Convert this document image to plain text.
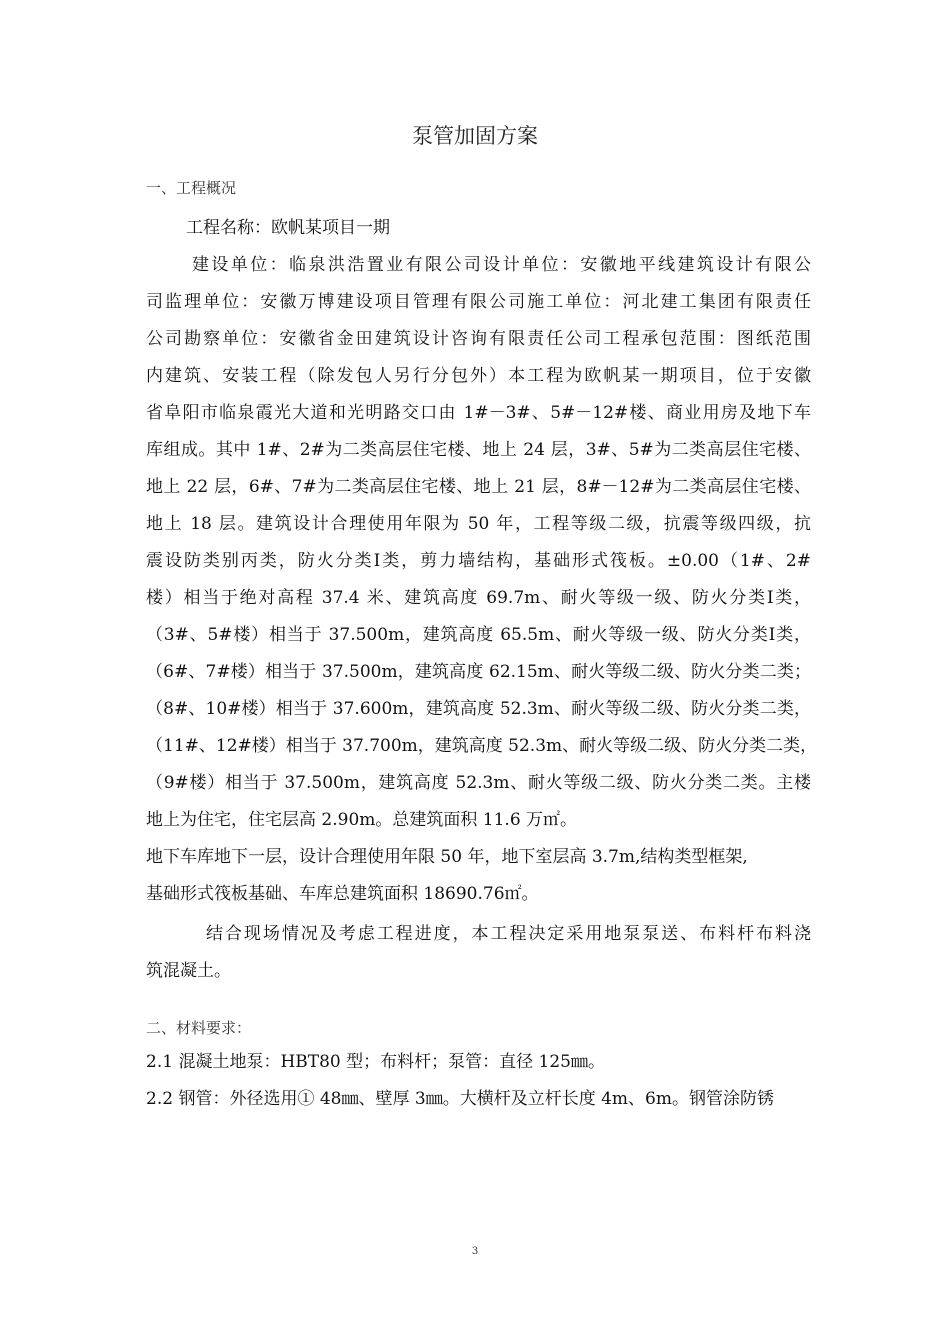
泵管加固方案
一、工程概况
工程名称：欧帆某项目一期
建设单位：临泉洪浩置业有限公司设计单位：安徽地平线建筑设计有限公
司监理单位：安徽万博建设项目管理有限公司施工单位：河北建工集团有限责任
公司勘察单位：安徽省金田建筑设计咨询有限责任公司工程承包范围：图纸范围
内建筑、安装工程（除发包人另行分包外）本工程为欧帆某一期项目，位于安徽
省阜阳市临泉霞光大道和光明路交口由 1#－3#、5#－12#楼、商业用房及地下车
库组成。其中 1#、2#为二类高层住宅楼、地上 24 层，3#、5#为二类高层住宅楼、
地上 22 层，6#、7#为二类高层住宅楼、地上 21 层，8#－12#为二类高层住宅楼、
地上 18 层。建筑设计合理使用年限为 50 年，工程等级二级，抗震等级四级，抗
震设防类别丙类，防火分类Ⅰ类，剪力墙结构，基础形式筏板。±0.00（1#、2#
楼）相当于绝对高程 37.4 米、建筑高度 69.7m、耐火等级一级、防火分类Ⅰ类，
（3#、5#楼）相当于 37.500m，建筑高度 65.5m、耐火等级一级、防火分类Ⅰ类，
（6#、7#楼）相当于 37.500m，建筑高度 62.15m、耐火等级二级、防火分类二类；
（8#、10#楼）相当于 37.600m，建筑高度 52.3m、耐火等级二级、防火分类二类，
（11#、12#楼）相当于 37.700m，建筑高度 52.3m、耐火等级二级、防火分类二类，
（9#楼）相当于 37.500m，建筑高度 52.3m、耐火等级二级、防火分类二类。主楼
地上为住宅，住宅层高 2.90m。总建筑面积 11.6 万㎡。
地下车库地下一层，设计合理使用年限 50 年，地下室层高 3.7m,结构类型框架,
基础形式筏板基础、车库总建筑面积 18690.76㎡。
结合现场情况及考虑工程进度，本工程决定采用地泵泵送、布料杆布料浇
筑混凝土。
二、材料要求：
2.1 混凝土地泵：HBT80 型；布料杆；泵管：直径 125㎜。
2.2 钢管：外径选用① 48㎜、壁厚 3㎜。大横杆及立杆长度 4m、6m。钢管涂防锈
3
